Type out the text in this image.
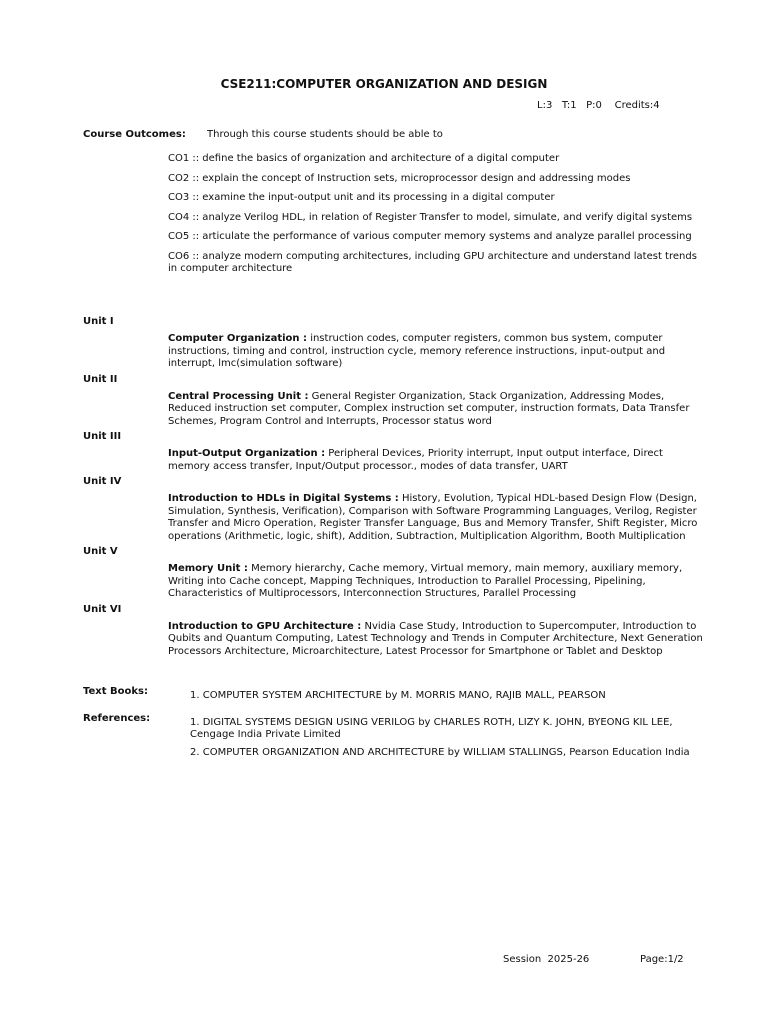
CSE211:COMPUTER ORGANIZATION AND DESIGN
L:3   T:1   P:0    Credits:4
Course Outcomes: Through this course students should be able to
CO1 :: define the basics of organization and architecture of a digital computer
CO2 :: explain the concept of Instruction sets, microprocessor design and addressing modes
CO3 :: examine the input-output unit and its processing in a digital computer
CO4 :: analyze Verilog HDL, in relation of Register Transfer to model, simulate, and verify digital systems
CO5 :: articulate the performance of various computer memory systems and analyze parallel processing
CO6 :: analyze modern computing architectures, including GPU architecture and understand latest trends in computer architecture
Unit I
Computer Organization : instruction codes, computer registers, common bus system, computer instructions, timing and control, instruction cycle, memory reference instructions, input-output and interrupt, lmc(simulation software)
Unit II
Central Processing Unit : General Register Organization, Stack Organization, Addressing Modes, Reduced instruction set computer, Complex instruction set computer, instruction formats, Data Transfer Schemes, Program Control and Interrupts, Processor status word
Unit III
Input-Output Organization : Peripheral Devices, Priority interrupt, Input output interface, Direct memory access transfer, Input/Output processor., modes of data transfer, UART
Unit IV
Introduction to HDLs in Digital Systems : History, Evolution, Typical HDL-based Design Flow (Design, Simulation, Synthesis, Verification), Comparison with Software Programming Languages, Verilog, Register Transfer and Micro Operation, Register Transfer Language, Bus and Memory Transfer, Shift Register, Micro operations (Arithmetic, logic, shift), Addition, Subtraction, Multiplication Algorithm, Booth Multiplication
Unit V
Memory Unit : Memory hierarchy, Cache memory, Virtual memory, main memory, auxiliary memory, Writing into Cache concept, Mapping Techniques, Introduction to Parallel Processing, Pipelining, Characteristics of Multiprocessors, Interconnection Structures, Parallel Processing
Unit VI
Introduction to GPU Architecture : Nvidia Case Study, Introduction to Supercomputer, Introduction to Qubits and Quantum Computing, Latest Technology and Trends in Computer Architecture, Next Generation Processors Architecture, Microarchitecture, Latest Processor for Smartphone or Tablet and Desktop
Text Books:	1. COMPUTER SYSTEM ARCHITECTURE by M. MORRIS MANO, RAJIB MALL, PEARSON
References:	1. DIGITAL SYSTEMS DESIGN USING VERILOG by CHARLES ROTH, LIZY K. JOHN, BYEONG KIL LEE, Cengage India Private Limited
2. COMPUTER ORGANIZATION AND ARCHITECTURE by WILLIAM STALLINGS, Pearson Education India
Session  2025-26	Page:1/2
